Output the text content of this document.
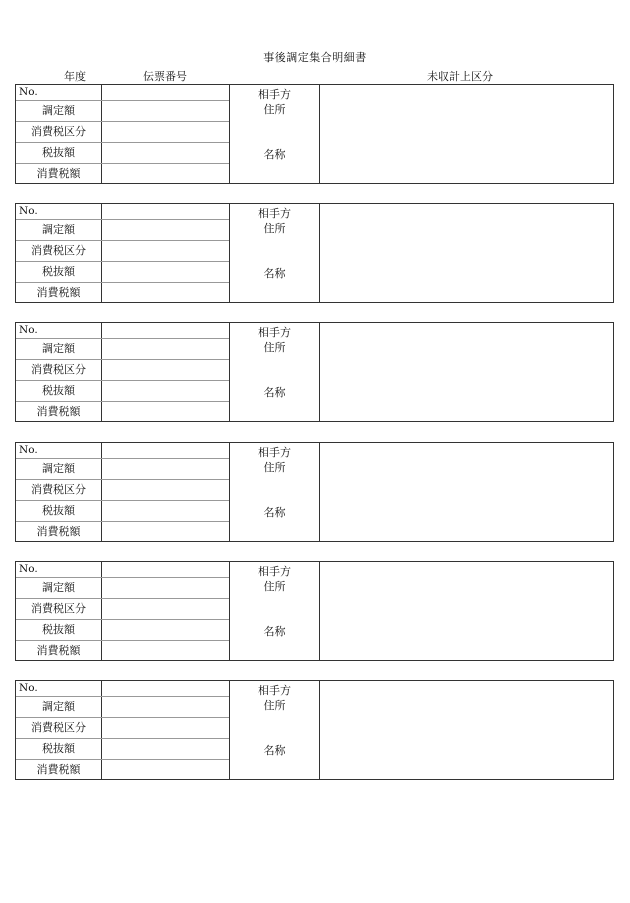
事後調定集合明細書
年度	伝票番号	未収計上区分
No.
調定額
消費税区分
税抜額
消費税額
相手方
住所
名称
No.
調定額
消費税区分
税抜額
消費税額
相手方
住所
名称
No.
調定額
消費税区分
税抜額
消費税額
相手方
住所
名称
No.
調定額
消費税区分
税抜額
消費税額
相手方
住所
名称
No.
調定額
消費税区分
税抜額
消費税額
相手方
住所
名称
No.
調定額
消費税区分
税抜額
消費税額
相手方
住所
名称
